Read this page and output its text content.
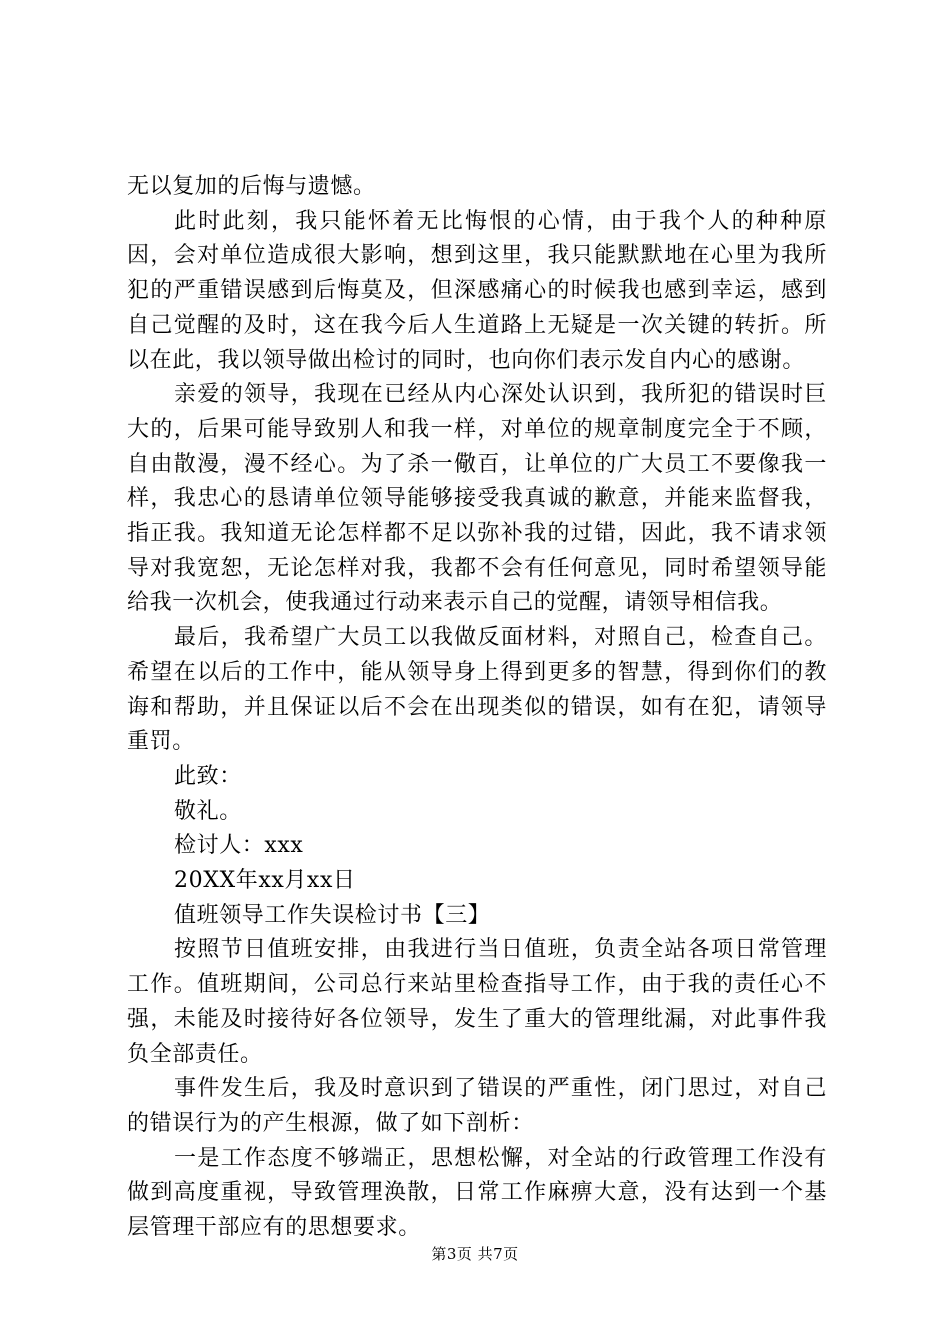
无以复加的后悔与遗憾。

此时此刻，我只能怀着无比悔恨的心情，由于我个人的种种原因，会对单位造成很大影响，想到这里，我只能默默地在心里为我所犯的严重错误感到后悔莫及，但深感痛心的时候我也感到幸运，感到自己觉醒的及时，这在我今后人生道路上无疑是一次关键的转折。所以在此，我以领导做出检讨的同时，也向你们表示发自内心的感谢。

亲爱的领导，我现在已经从内心深处认识到，我所犯的错误时巨大的，后果可能导致别人和我一样，对单位的规章制度完全于不顾，自由散漫，漫不经心。为了杀一儆百，让单位的广大员工不要像我一样，我忠心的恳请单位领导能够接受我真诚的歉意，并能来监督我，指正我。我知道无论怎样都不足以弥补我的过错，因此，我不请求领导对我宽恕，无论怎样对我，我都不会有任何意见，同时希望领导能给我一次机会，使我通过行动来表示自己的觉醒，请领导相信我。

最后，我希望广大员工以我做反面材料，对照自己，检查自己。希望在以后的工作中，能从领导身上得到更多的智慧，得到你们的教诲和帮助，并且保证以后不会在出现类似的错误，如有在犯，请领导重罚。

此致：

敬礼。

检讨人：xxx

20XX年xx月xx日

值班领导工作失误检讨书【三】

按照节日值班安排，由我进行当日值班，负责全站各项日常管理工作。值班期间，公司总行来站里检查指导工作，由于我的责任心不强，未能及时接待好各位领导，发生了重大的管理纰漏，对此事件我负全部责任。

事件发生后，我及时意识到了错误的严重性，闭门思过，对自己的错误行为的产生根源，做了如下剖析：

一是工作态度不够端正，思想松懈，对全站的行政管理工作没有做到高度重视，导致管理涣散，日常工作麻痹大意，没有达到一个基层管理干部应有的思想要求。

第3页 共7页
